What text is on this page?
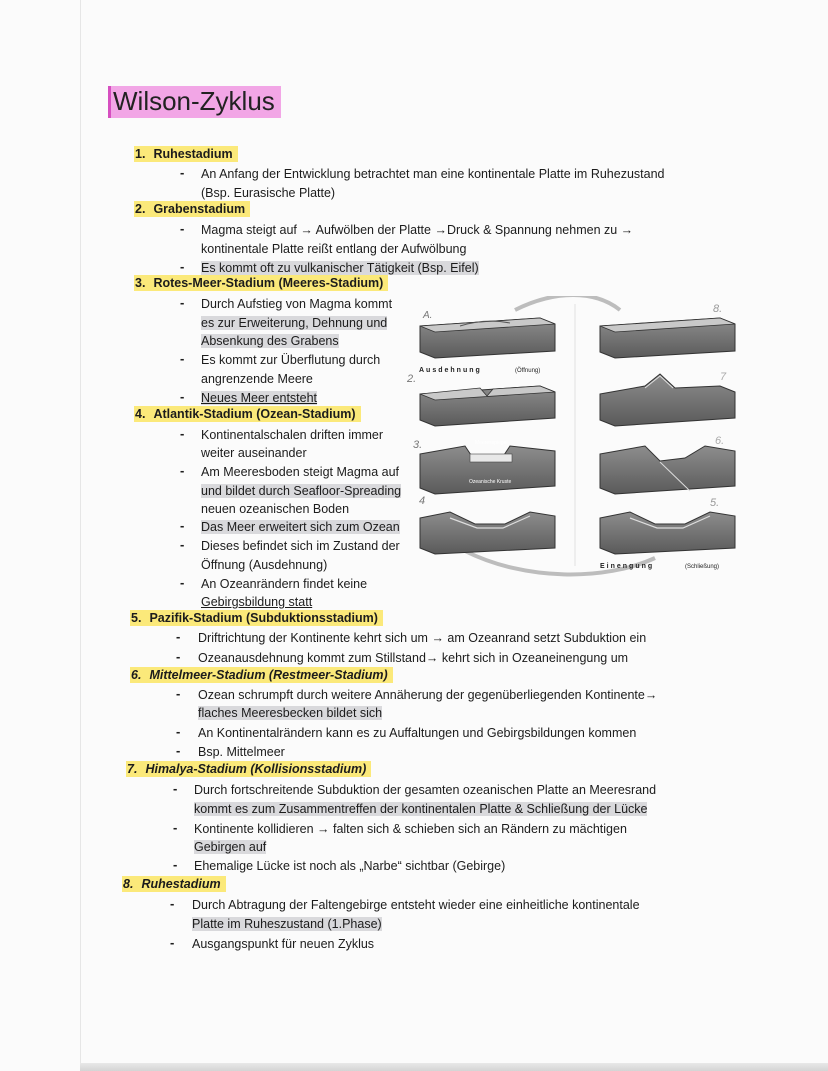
Wilson-Zyklus
1. Ruhestadium
- An Anfang der Entwicklung betrachtet man eine kontinentale Platte im Ruhezustand
(Bsp. Eurasische Platte)
2. Grabenstadium
- Magma steigt auf → Aufwölben der Platte →Druck & Spannung nehmen zu →
kontinentale Platte reißt entlang der Aufwölbung
- Es kommt oft zu vulkanischer Tätigkeit (Bsp. Eifel)
3. Rotes-Meer-Stadium (Meeres-Stadium)
- Durch Aufstieg von Magma kommt
es zur Erweiterung, Dehnung und
Absenkung des Grabens
- Es kommt zur Überflutung durch
angrenzende Meere
- Neues Meer entsteht
4. Atlantik-Stadium (Ozean-Stadium)
- Kontinentalschalen driften immer
weiter auseinander
- Am Meeresboden steigt Magma auf
und bildet durch Seafloor-Spreading
neuen ozeanischen Boden
- Das Meer erweitert sich zum Ozean
- Dieses befindet sich im Zustand der
Öffnung (Ausdehnung)
- An Ozeanrändern findet keine
Gebirgsbildung statt
Ausdehnung	(Öffnung)
Meeresspiegel
Ozeanische Kruste
Einengung	(Schließung)
A.
2.
3.
4	5.
6.
7
8.
5. Pazifik-Stadium (Subduktionsstadium)
- Driftrichtung der Kontinente kehrt sich um → am Ozeanrand setzt Subduktion ein
- Ozeanausdehnung kommt zum Stillstand→ kehrt sich in Ozeaneinengung um
6. Mittelmeer-Stadium (Restmeer-Stadium)
- Ozean schrumpft durch weitere Annäherung der gegenüberliegenden Kontinente→
flaches Meeresbecken bildet sich
- An Kontinentalrändern kann es zu Auffaltungen und Gebirgsbildungen kommen
- Bsp. Mittelmeer
7. Himalya-Stadium (Kollisionsstadium)
- Durch fortschreitende Subduktion der gesamten ozeanischen Platte an Meeresrand
kommt es zum Zusammentreffen der kontinentalen Platte & Schließung der Lücke
- Kontinente kollidieren → falten sich & schieben sich an Rändern zu mächtigen
Gebirgen auf
- Ehemalige Lücke ist noch als „Narbe“ sichtbar (Gebirge)
8. Ruhestadium
- Durch Abtragung der Faltengebirge entsteht wieder eine einheitliche kontinentale
Platte im Ruheszustand (1.Phase)
- Ausgangspunkt für neuen Zyklus
